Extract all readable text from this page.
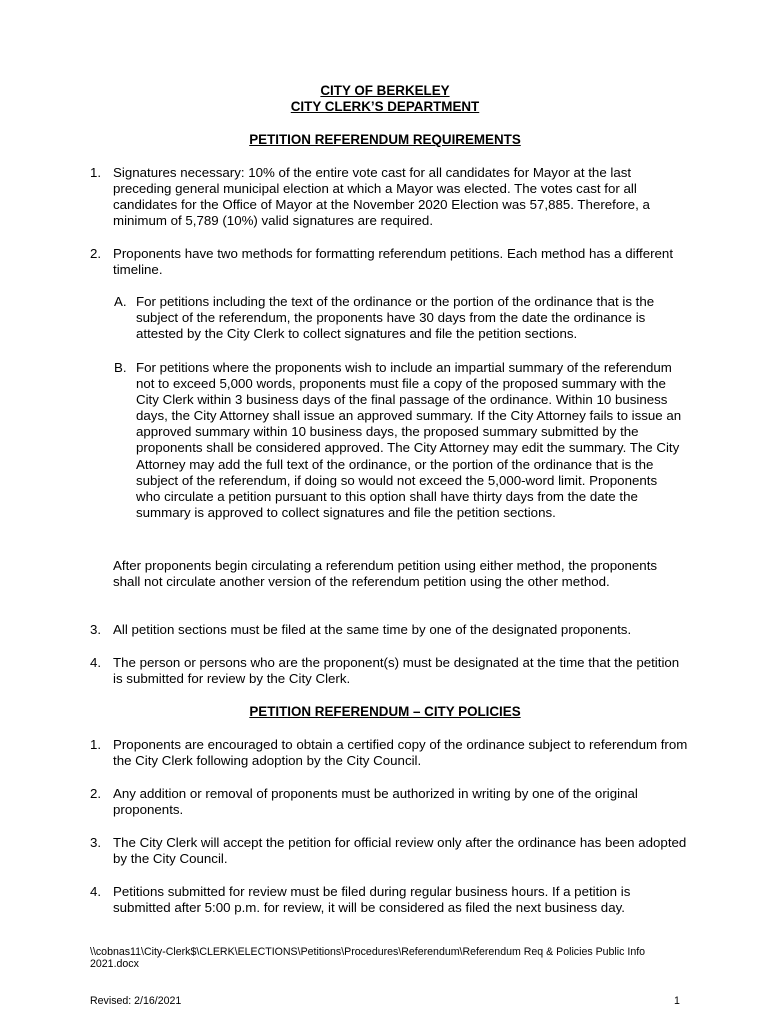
CITY OF BERKELEY
CITY CLERK’S DEPARTMENT
PETITION REFERENDUM REQUIREMENTS
1. Signatures necessary: 10% of the entire vote cast for all candidates for Mayor at the last preceding general municipal election at which a Mayor was elected. The votes cast for all candidates for the Office of Mayor at the November 2020 Election was 57,885. Therefore, a minimum of 5,789 (10%) valid signatures are required.
2. Proponents have two methods for formatting referendum petitions. Each method has a different timeline.
A. For petitions including the text of the ordinance or the portion of the ordinance that is the subject of the referendum, the proponents have 30 days from the date the ordinance is attested by the City Clerk to collect signatures and file the petition sections.
B. For petitions where the proponents wish to include an impartial summary of the referendum not to exceed 5,000 words, proponents must file a copy of the proposed summary with the City Clerk within 3 business days of the final passage of the ordinance. Within 10 business days, the City Attorney shall issue an approved summary. If the City Attorney fails to issue an approved summary within 10 business days, the proposed summary submitted by the proponents shall be considered approved. The City Attorney may edit the summary. The City Attorney may add the full text of the ordinance, or the portion of the ordinance that is the subject of the referendum, if doing so would not exceed the 5,000-word limit. Proponents who circulate a petition pursuant to this option shall have thirty days from the date the summary is approved to collect signatures and file the petition sections.
After proponents begin circulating a referendum petition using either method, the proponents shall not circulate another version of the referendum petition using the other method.
3. All petition sections must be filed at the same time by one of the designated proponents.
4. The person or persons who are the proponent(s) must be designated at the time that the petition is submitted for review by the City Clerk.
PETITION REFERENDUM – CITY POLICIES
1. Proponents are encouraged to obtain a certified copy of the ordinance subject to referendum from the City Clerk following adoption by the City Council.
2. Any addition or removal of proponents must be authorized in writing by one of the original proponents.
3. The City Clerk will accept the petition for official review only after the ordinance has been adopted by the City Council.
4. Petitions submitted for review must be filed during regular business hours. If a petition is submitted after 5:00 p.m. for review, it will be considered as filed the next business day.
\\cobnas11\City-Clerk$\CLERK\ELECTIONS\Petitions\Procedures\Referendum\Referendum Req & Policies Public Info 2021.docx
Revised: 2/16/2021	1
